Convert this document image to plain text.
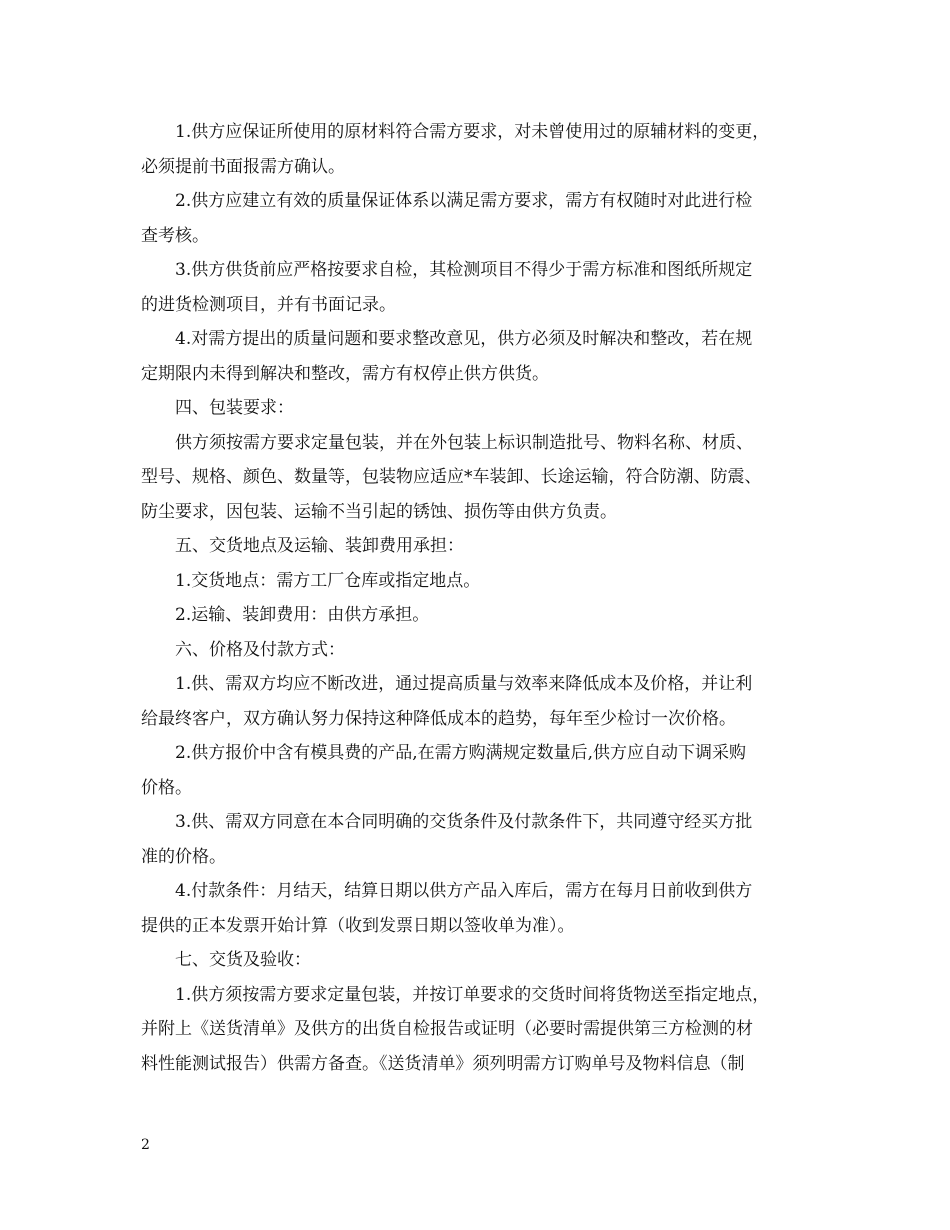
1.供方应保证所使用的原材料符合需方要求，对未曾使用过的原辅材料的变更，
必须提前书面报需方确认。
2.供方应建立有效的质量保证体系以满足需方要求，需方有权随时对此进行检
查考核。
3.供方供货前应严格按要求自检，其检测项目不得少于需方标准和图纸所规定
的进货检测项目，并有书面记录。
4.对需方提出的质量问题和要求整改意见，供方必须及时解决和整改，若在规
定期限内未得到解决和整改，需方有权停止供方供货。
四、包装要求：
供方须按需方要求定量包装，并在外包装上标识制造批号、物料名称、材质、
型号、规格、颜色、数量等，包装物应适应*车装卸、长途运输，符合防潮、防震、
防尘要求，因包装、运输不当引起的锈蚀、损伤等由供方负责。
五、交货地点及运输、装卸费用承担：
1.交货地点：需方工厂仓库或指定地点。
2.运输、装卸费用：由供方承担。
六、价格及付款方式：
1.供、需双方均应不断改进，通过提高质量与效率来降低成本及价格，并让利
给最终客户，双方确认努力保持这种降低成本的趋势，每年至少检讨一次价格。
2.供方报价中含有模具费的产品,在需方购满规定数量后,供方应自动下调采购
价格。
3.供、需双方同意在本合同明确的交货条件及付款条件下，共同遵守经买方批
准的价格。
4.付款条件：月结天，结算日期以供方产品入库后，需方在每月日前收到供方
提供的正本发票开始计算（收到发票日期以签收单为准）。
七、交货及验收：
1.供方须按需方要求定量包装，并按订单要求的交货时间将货物送至指定地点，
并附上《送货清单》及供方的出货自检报告或证明（必要时需提供第三方检测的材
料性能测试报告）供需方备查。《送货清单》须列明需方订购单号及物料信息（制
2
